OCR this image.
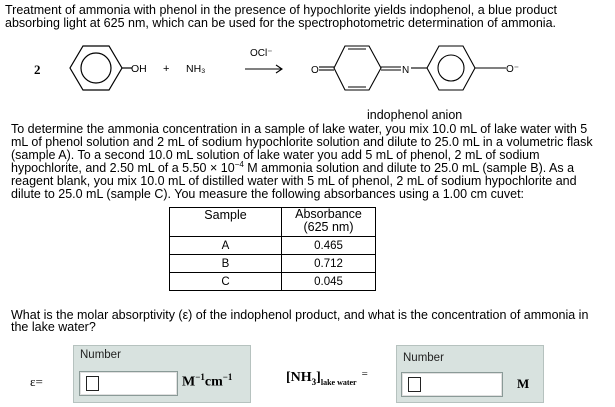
Treatment of ammonia with phenol in the presence of hypochlorite yields indophenol, a blue product absorbing light at 625 nm, which can be used for the spectrophotometric determination of ammonia.
2	OH + NH₃
OCl⁻
O	N	O⁻
indophenol anion
To determine the ammonia concentration in a sample of lake water, you mix 10.0 mL of lake water with 5 mL of phenol solution and 2 mL of sodium hypochlorite solution and dilute to 25.0 mL in a volumetric flask (sample A). To a second 10.0 mL solution of lake water you add 5 mL of phenol, 2 mL of sodium hypochlorite, and 2.50 mL of a $5.50 \times 10^{-4}$ M ammonia solution and dilute to 25.0 mL (sample B). As a reagent blank, you mix 10.0 mL of distilled water with 5 mL of phenol, 2 mL of sodium hypochlorite and dilute to 25.0 mL (sample C). You measure the following absorbances using a 1.00 cm cuvet:
Sample	Absorbance
(625 nm)
A	0.465
B	0.712
C	0.045
What is the molar absorptivity (ε) of the indophenol product, and what is the concentration of ammonia in the lake water?
Number
ε=	$M^{-1}cm^{-1}$	$[NH_3]_{lake water}^=$
Number
M
